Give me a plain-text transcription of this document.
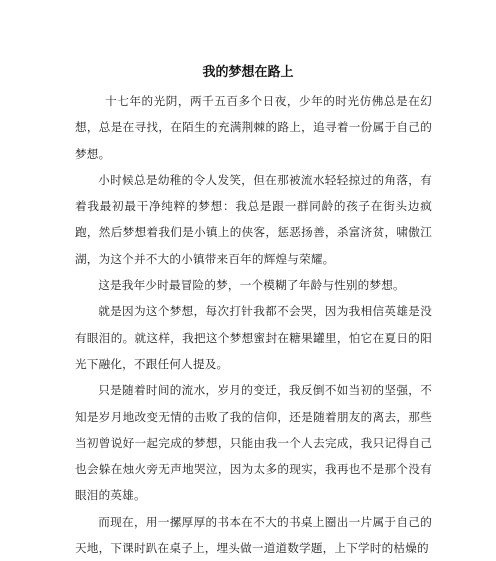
我的梦想在路上

十七年的光阴，两千五百多个日夜，少年的时光仿佛总是在幻想，总是在寻找，在陌生的充满荆棘的路上，追寻着一份属于自己的梦想。

小时候总是幼稚的令人发笑，但在那被流水轻轻掠过的角落，有着我最初最干净纯粹的梦想：我总是跟一群同龄的孩子在街头边疯跑，然后梦想着我们是小镇上的侠客，惩恶扬善，杀富济贫，啸傲江湖，为这个并不大的小镇带来百年的辉煌与荣耀。

这是我年少时最冒险的梦，一个模糊了年龄与性别的梦想。

就是因为这个梦想，每次打针我都不会哭，因为我相信英雄是没有眼泪的。就这样，我把这个梦想蜜封在糖果罐里，怕它在夏日的阳光下融化，不跟任何人提及。

只是随着时间的流水，岁月的变迁，我反倒不如当初的坚强，不知是岁月地改变无情的击败了我的信仰，还是随着朋友的离去，那些当初曾说好一起完成的梦想，只能由我一个人去完成，我只记得自己也会躲在烛火旁无声地哭泣，因为太多的现实，我再也不是那个没有眼泪的英雄。

而现在，用一摞厚厚的书本在不大的书桌上圈出一片属于自己的天地，下课时趴在桌子上，埋头做一道道数学题，上下学时的枯燥的
